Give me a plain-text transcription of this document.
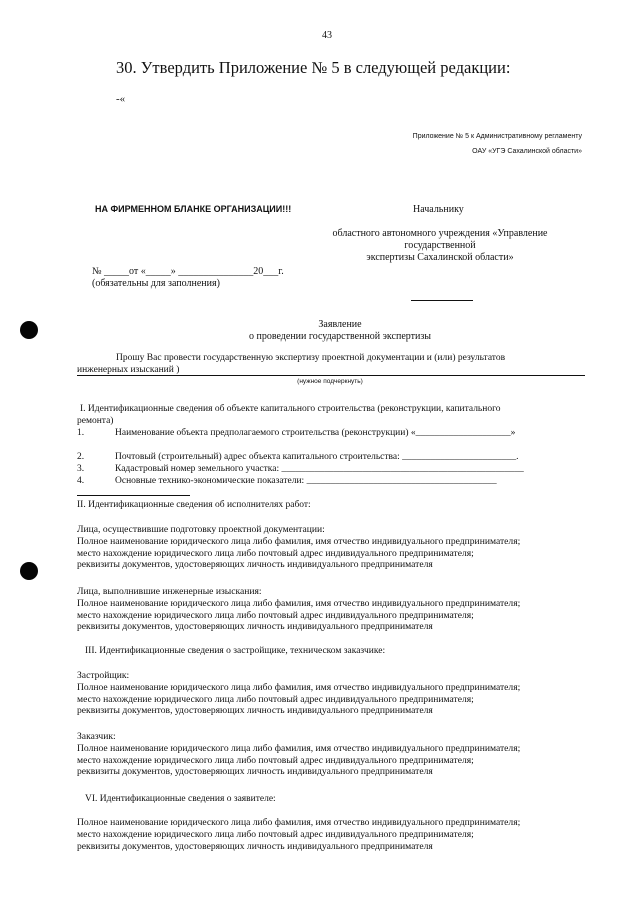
43
30. Утвердить Приложение № 5 в следующей редакции:
-«
Приложение № 5 к Административному регламенту
ОАУ «УГЭ Сахалинской области»
НА ФИРМЕННОМ БЛАНКЕ ОРГАНИЗАЦИИ!!!	Начальнику
областного автономного учреждения «Управление
государственной
экспертизы Сахалинской области»
№ _____от «_____» _______________20___г.
(обязательны для заполнения)
Заявление
о проведении государственной экспертизы
Прошу Вас провести государственную экспертизу проектной документации и (или) результатов
инженерных изысканий )
(нужное подчеркнуть)
I. Идентификационные сведения об объекте капитального строительства (реконструкции, капитального
ремонта)
1.	Наименование объекта предполагаемого строительства (реконструкции) «____________________»
2.	Почтовый (строительный) адрес объекта капитального строительства: ________________________.
3.	Кадастровый номер земельного участка: ___________________________________________________
4.	Основные технико-экономические показатели: ________________________________________
II. Идентификационные сведения об исполнителях работ:
Лица, осуществившие подготовку проектной документации:
Полное наименование юридического лица либо фамилия, имя отчество индивидуального предпринимателя;
место нахождение юридического лица либо почтовый адрес индивидуального предпринимателя;
реквизиты документов, удостоверяющих личность индивидуального предпринимателя
Лица, выполнившие инженерные изыскания:
Полное наименование юридического лица либо фамилия, имя отчество индивидуального предпринимателя;
место нахождение юридического лица либо почтовый адрес индивидуального предпринимателя;
реквизиты документов, удостоверяющих личность индивидуального предпринимателя
III. Идентификационные сведения о застройщике, техническом заказчике:
Застройщик:
Полное наименование юридического лица либо фамилия, имя отчество индивидуального предпринимателя;
место нахождение юридического лица либо почтовый адрес индивидуального предпринимателя;
реквизиты документов, удостоверяющих личность индивидуального предпринимателя
Заказчик:
Полное наименование юридического лица либо фамилия, имя отчество индивидуального предпринимателя;
место нахождение юридического лица либо почтовый адрес индивидуального предпринимателя;
реквизиты документов, удостоверяющих личность индивидуального предпринимателя
VI. Идентификационные сведения о заявителе:
Полное наименование юридического лица либо фамилия, имя отчество индивидуального предпринимателя;
место нахождение юридического лица либо почтовый адрес индивидуального предпринимателя;
реквизиты документов, удостоверяющих личность индивидуального предпринимателя
